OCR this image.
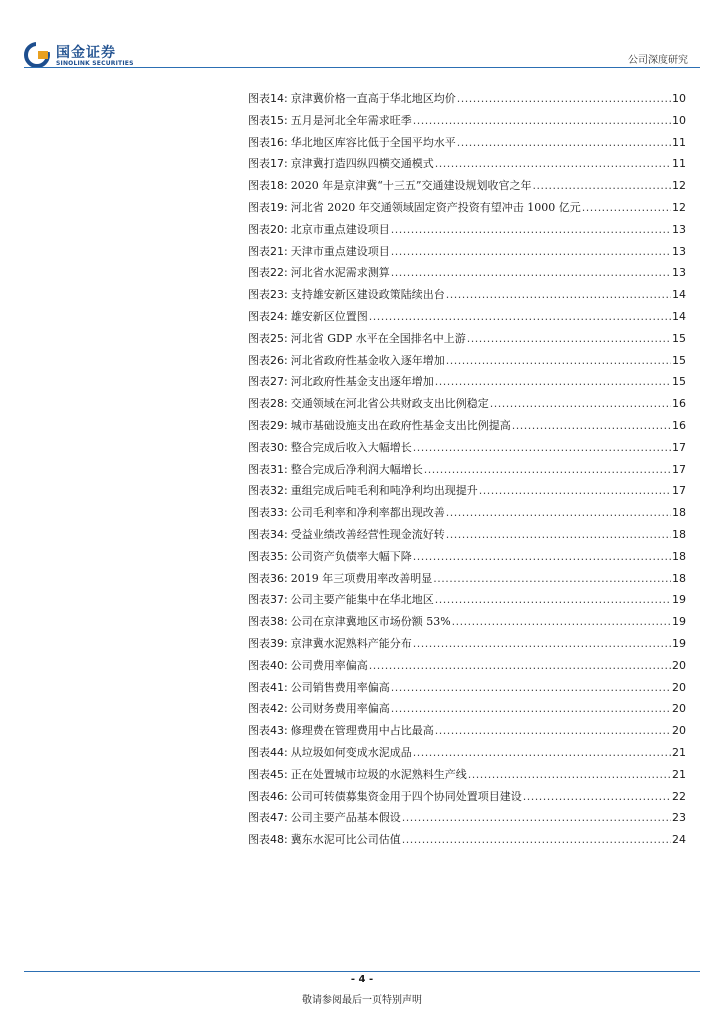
国金证券
SINOLINK SECURITIES	公司深度研究
图表 14 : 京津冀价格一直高于华北地区均价 .....	10
图表 15 : 五月是河北全年需求旺季 .....	10
图表 16 : 华北地区库容比低于全国平均水平 .....	11
图表 17 : 京津冀打造四纵四横交通模式 .....	11
图表 18 : 2020 年是京津冀“十三五”交通建设规划收官之年 .....	12
图表 19 : 河北省 2020 年交通领域固定资产投资有望冲击 1000 亿元 .....	12
图表 20 : 北京市重点建设项目 .....	13
图表 21 : 天津市重点建设项目 .....	13
图表 22 : 河北省水泥需求测算 .....	13
图表 23 : 支持雄安新区建设政策陆续出台 .....	14
图表 24 : 雄安新区位置图 .....	14
图表 25 : 河北省 GDP 水平在全国排名中上游 .....	15
图表 26 : 河北省政府性基金收入逐年增加 .....	15
图表 27 : 河北政府性基金支出逐年增加 .....	15
图表 28 : 交通领域在河北省公共财政支出比例稳定 .....	16
图表 29 : 城市基础设施支出在政府性基金支出比例提高 .....	16
图表 30 : 整合完成后收入大幅增长 .....	17
图表 31 : 整合完成后净利润大幅增长 .....	17
图表 32 : 重组完成后吨毛利和吨净利均出现提升 .....	17
图表 33 : 公司毛利率和净利率都出现改善 .....	18
图表 34 : 受益业绩改善经营性现金流好转 .....	18
图表 35 : 公司资产负债率大幅下降 .....	18
图表 36 : 2019 年三项费用率改善明显 .....	18
图表 37 : 公司主要产能集中在华北地区 .....	19
图表 38 : 公司在京津冀地区市场份额 53% .....	19
图表 39 : 京津冀水泥熟料产能分布 .....	19
图表 40 : 公司费用率偏高 .....	20
图表 41 : 公司销售费用率偏高 .....	20
图表 42 : 公司财务费用率偏高 .....	20
图表 43 : 修理费在管理费用中占比最高 .....	20
图表 44 : 从垃圾如何变成水泥成品 .....	21
图表 45 : 正在处置城市垃圾的水泥熟料生产线 .....	21
图表 46 : 公司可转债募集资金用于四个协同处置项目建设 .....	22
图表 47 : 公司主要产品基本假设 .....	23
图表 48 : 冀东水泥可比公司估值 .....	24
- 4 -
敬请参阅最后一页特别声明
